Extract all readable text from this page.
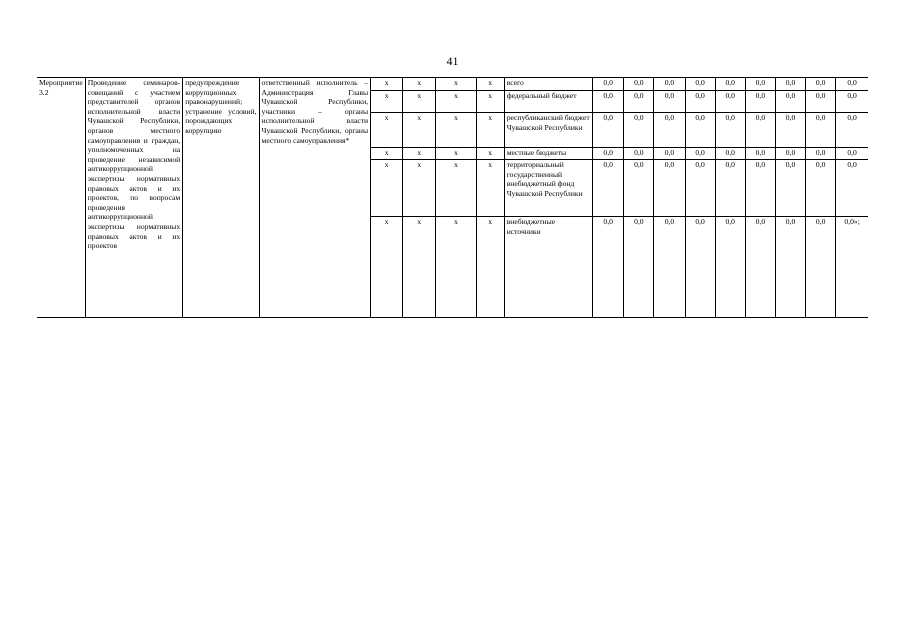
41
Мероприятие 3.2	Проведение семинаров-совещаний с участием представителей органов исполнительной власти Чувашской Республики, органов местного самоуправления и граждан, уполномоченных на проведение независимой антикоррупционной экспертизы нормативных правовых актов и их проектов, по вопросам проведения антикоррупционной экспертизы нормативных правовых актов и их проектов	предупреждение коррупционных правонарушений; устранение условий, порождающих коррупцию	ответственный исполнитель – Администрация Главы Чувашской Республики, участники – органы исполнительной власти Чувашской Республики, органы местного самоуправления*	x	x	x	x	всего	0,0	0,0	0,0	0,0	0,0	0,0	0,0	0,0	0,0
				x	x	x	x	федеральный бюджет	0,0	0,0	0,0	0,0	0,0	0,0	0,0	0,0	0,0
				x	x	x	x	республиканский бюджет Чувашской Республики	0,0	0,0	0,0	0,0	0,0	0,0	0,0	0,0	0,0
				x	x	x	x	местные бюджеты	0,0	0,0	0,0	0,0	0,0	0,0	0,0	0,0	0,0
				x	x	x	x	территориальный государственный внебюджетный фонд Чувашской Республики	0,0	0,0	0,0	0,0	0,0	0,0	0,0	0,0	0,0
				x	x	x	x	внебюджетные источники	0,0	0,0	0,0	0,0	0,0	0,0	0,0	0,0	0,0»;
